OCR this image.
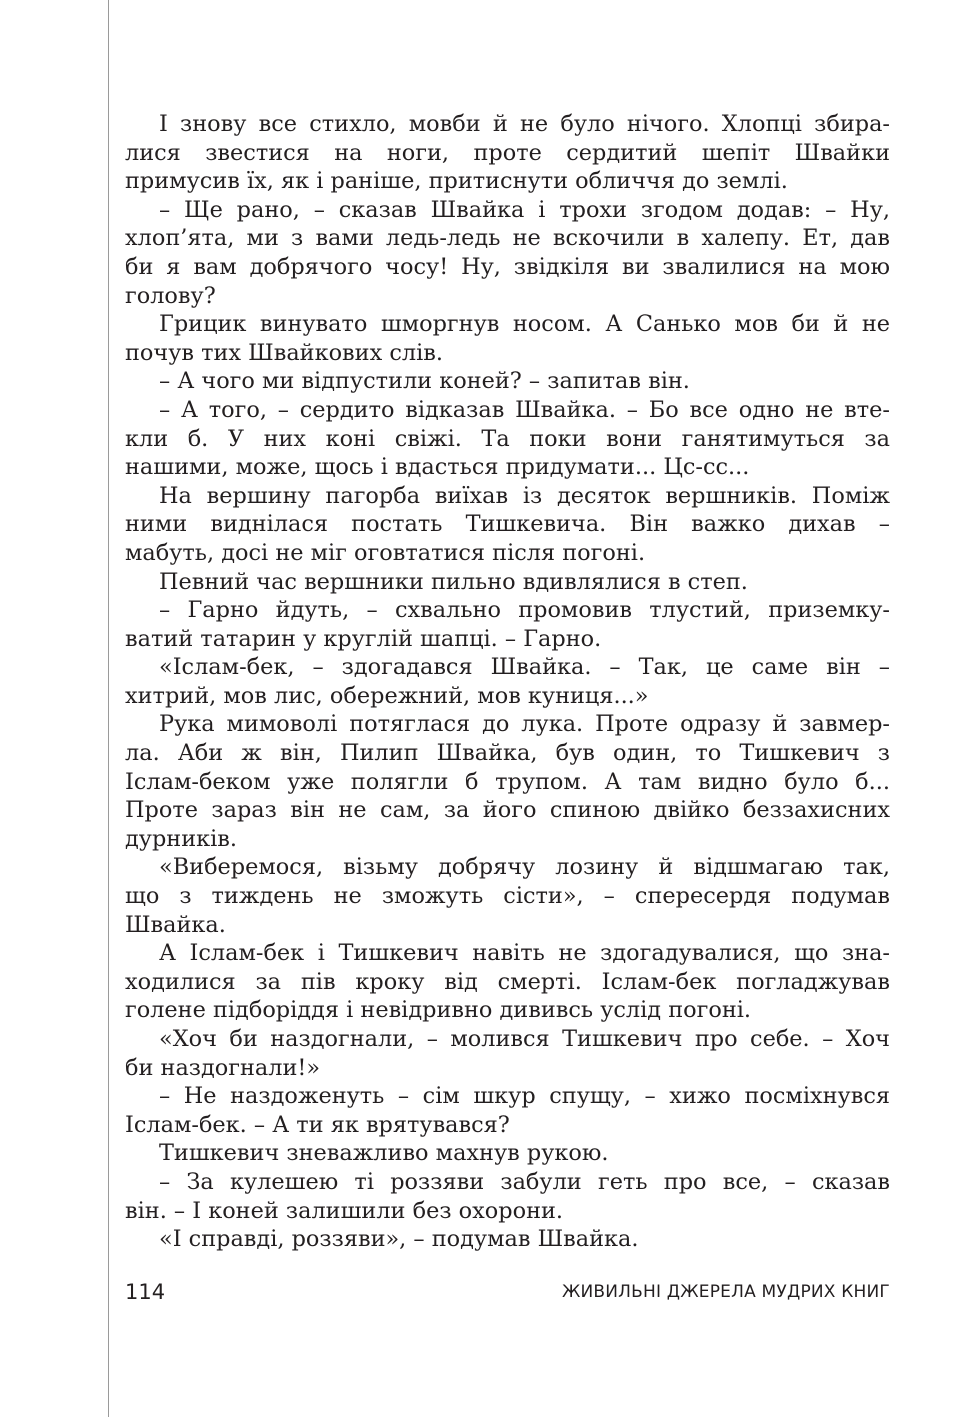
І знову все стихло, мовби й не було нічого. Хлопці збира-
лися звестися на ноги, проте сердитий шепіт Швайки
примусив їх, як і раніше, притиснути обличчя до землі.
– Ще рано, – сказав Швайка і трохи згодом додав: – Ну,
хлоп’ята, ми з вами ледь-ледь не вскочили в халепу. Ет, дав
би я вам добрячого чосу! Ну, звідкіля ви звалилися на мою
голову?
Грицик винувато шморгнув носом. А Санько мов би й не
почув тих Швайкових слів.
– А чого ми відпустили коней? – запитав він.
– А того, – сердито відказав Швайка. – Бо все одно не вте-
кли б. У них коні свіжі. Та поки вони ганятимуться за
нашими, може, щось і вдасться придумати... Цс-сс...
На вершину пагорба виїхав із десяток вершників. Поміж
ними виднілася постать Тишкевича. Він важко дихав –
мабуть, досі не міг оговтатися після погоні.
Певний час вершники пильно вдивлялися в степ.
– Гарно йдуть, – схвально промовив тлустий, приземку-
ватий татарин у круглій шапці. – Гарно.
«Іслам-бек, – здогадався Швайка. – Так, це саме він –
хитрий, мов лис, обережний, мов куниця...»
Рука мимоволі потяглася до лука. Проте одразу й завмер-
ла. Аби ж він, Пилип Швайка, був один, то Тишкевич з
Іслам-беком уже полягли б трупом. А там видно було б...
Проте зараз він не сам, за його спиною двійко беззахисних
дурників.
«Виберемося, візьму добрячу лозину й відшмагаю так,
що з тиждень не зможуть сісти», – спересердя подумав
Швайка.
А Іслам-бек і Тишкевич навіть не здогадувалися, що зна-
ходилися за пів кроку від смерті. Іслам-бек погладжував
голене підборіддя і невідривно дививсь услід погоні.
«Хоч би наздогнали, – молився Тишкевич про себе. – Хоч
би наздогнали!»
– Не наздоженуть – сім шкур спущу, – хижо посміхнувся
Іслам-бек. – А ти як врятувався?
Тишкевич зневажливо махнув рукою.
– За кулешею ті роззяви забули геть про все, – сказав
він. – І коней залишили без охорони.
«І справді, роззяви», – подумав Швайка.
114	ЖИВИЛЬНІ ДЖЕРЕЛА МУДРИХ КНИГ
